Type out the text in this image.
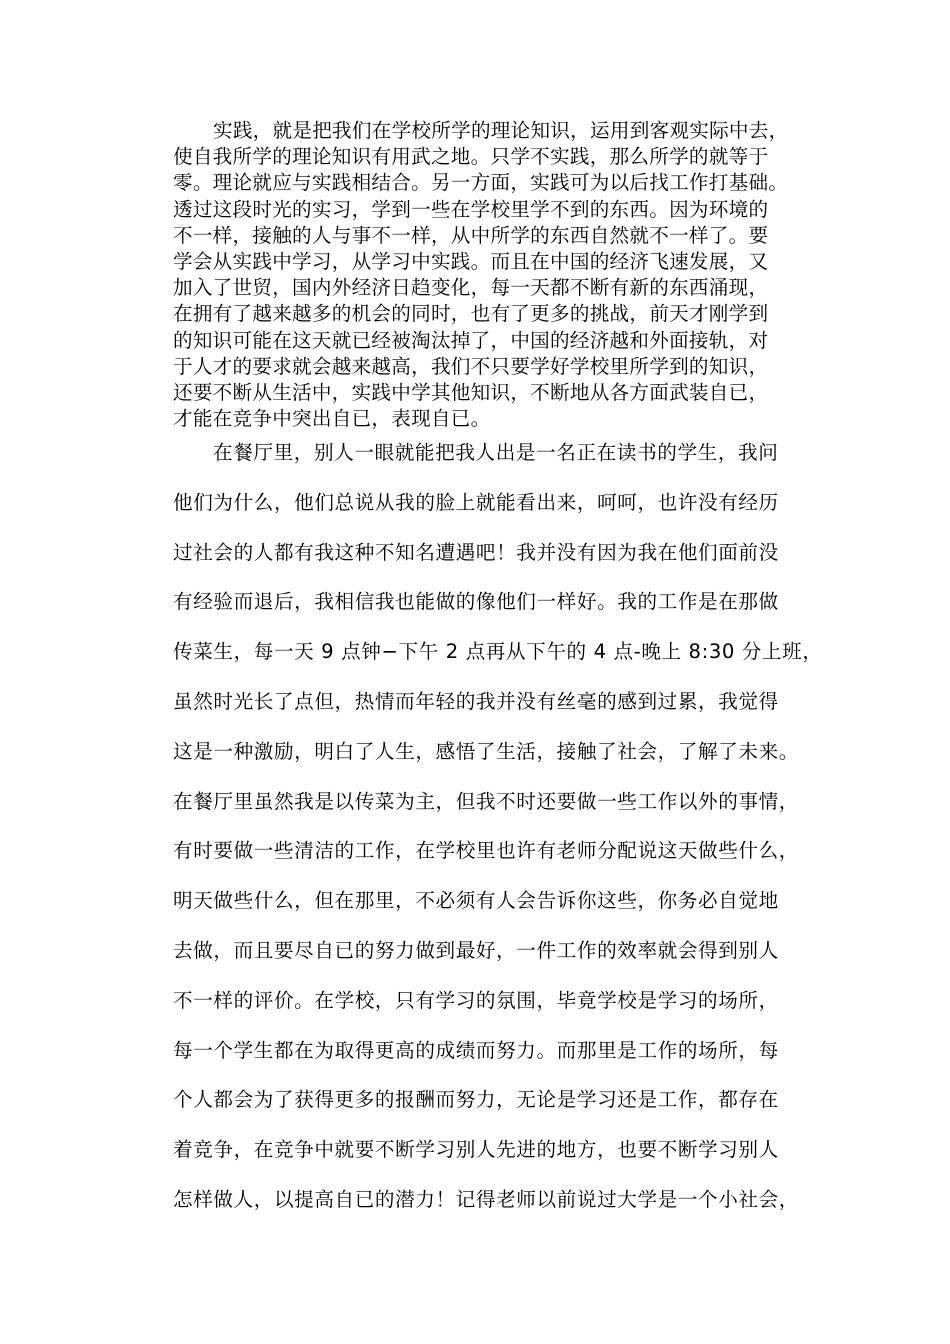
实践，就是把我们在学校所学的理论知识，运用到客观实际中去，
使自我所学的理论知识有用武之地。只学不实践，那么所学的就等于
零。理论就应与实践相结合。另一方面，实践可为以后找工作打基础。
透过这段时光的实习，学到一些在学校里学不到的东西。因为环境的
不一样，接触的人与事不一样，从中所学的东西自然就不一样了。要
学会从实践中学习，从学习中实践。而且在中国的经济飞速发展，又
加入了世贸，国内外经济日趋变化，每一天都不断有新的东西涌现，
在拥有了越来越多的机会的同时，也有了更多的挑战，前天才刚学到
的知识可能在这天就已经被淘汰掉了，中国的经济越和外面接轨，对
于人才的要求就会越来越高，我们不只要学好学校里所学到的知识，
还要不断从生活中，实践中学其他知识，不断地从各方面武装自已，
才能在竞争中突出自已，表现自已。
在餐厅里，别人一眼就能把我人出是一名正在读书的学生，我问
他们为什么，他们总说从我的脸上就能看出来，呵呵，也许没有经历
过社会的人都有我这种不知名遭遇吧！我并没有因为我在他们面前没
有经验而退后，我相信我也能做的像他们一样好。我的工作是在那做
传菜生，每一天 9 点钟−下午 2 点再从下午的 4 点-晚上 8:30 分上班，
虽然时光长了点但，热情而年轻的我并没有丝毫的感到过累，我觉得
这是一种激励，明白了人生，感悟了生活，接触了社会，了解了未来。
在餐厅里虽然我是以传菜为主，但我不时还要做一些工作以外的事情，
有时要做一些清洁的工作，在学校里也许有老师分配说这天做些什么，
明天做些什么，但在那里，不必须有人会告诉你这些，你务必自觉地
去做，而且要尽自已的努力做到最好，一件工作的效率就会得到别人
不一样的评价。在学校，只有学习的氛围，毕竟学校是学习的场所，
每一个学生都在为取得更高的成绩而努力。而那里是工作的场所，每
个人都会为了获得更多的报酬而努力，无论是学习还是工作，都存在
着竞争，在竞争中就要不断学习别人先进的地方，也要不断学习别人
怎样做人，以提高自已的潜力！记得老师以前说过大学是一个小社会，
